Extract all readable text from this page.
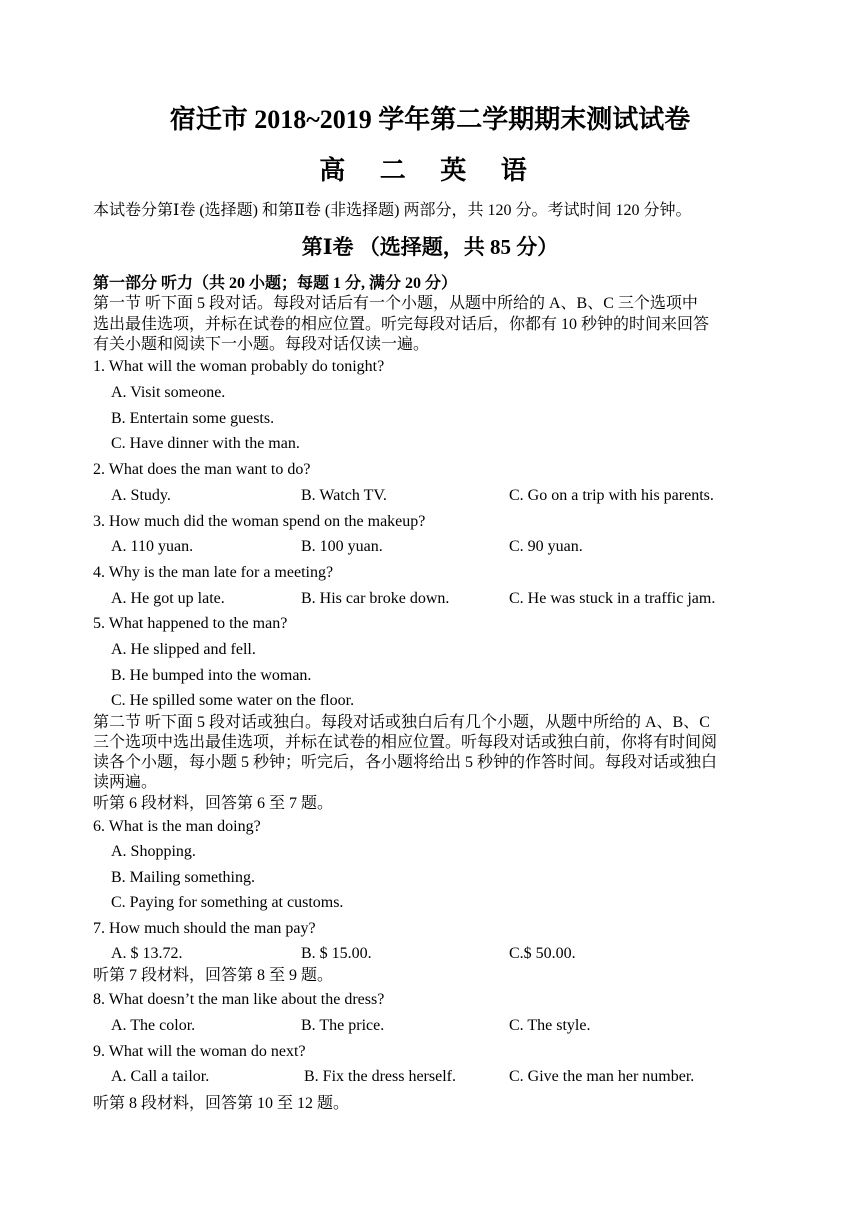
宿迁市 2018~2019 学年第二学期期末测试试卷
高 二 英 语
本试卷分第Ⅰ卷 (选择题) 和第Ⅱ卷 (非选择题) 两部分，共 120 分。考试时间 120 分钟。
第Ⅰ卷 （选择题，共 85 分）
第一部分 听力（共 20 小题；每题 1 分, 满分 20 分）
第一节 听下面 5 段对话。每段对话后有一个小题，从题中所给的 A、B、C 三个选项中
选出最佳选项，并标在试卷的相应位置。听完每段对话后，你都有 10 秒钟的时间来回答
有关小题和阅读下一小题。每段对话仅读一遍。
1. What will the woman probably do tonight?
A. Visit someone.
B. Entertain some guests.
C. Have dinner with the man.
2. What does the man want to do?
A. Study.	B. Watch TV.	C. Go on a trip with his parents.
3. How much did the woman spend on the makeup?
A. 110 yuan.	B. 100 yuan.	C. 90 yuan.
4. Why is the man late for a meeting?
A. He got up late.	B. His car broke down.	C. He was stuck in a traffic jam.
5. What happened to the man?
A. He slipped and fell.
B. He bumped into the woman.
C. He spilled some water on the floor.
第二节 听下面 5 段对话或独白。每段对话或独白后有几个小题，从题中所给的 A、B、C
三个选项中选出最佳选项，并标在试卷的相应位置。听每段对话或独白前，你将有时间阅
读各个小题，每小题 5 秒钟；听完后，各小题将给出 5 秒钟的作答时间。每段对话或独白
读两遍。
听第 6 段材料，回答第 6 至 7 题。
6. What is the man doing?
A. Shopping.
B. Mailing something.
C. Paying for something at customs.
7. How much should the man pay?
A. $ 13.72.	B. $ 15.00.	C.$ 50.00.
听第 7 段材料，回答第 8 至 9 题。
8. What doesn’t the man like about the dress?
A. The color.	B. The price.	C. The style.
9. What will the woman do next?
A. Call a tailor.	B. Fix the dress herself.	C. Give the man her number.
听第 8 段材料，回答第 10 至 12 题。
